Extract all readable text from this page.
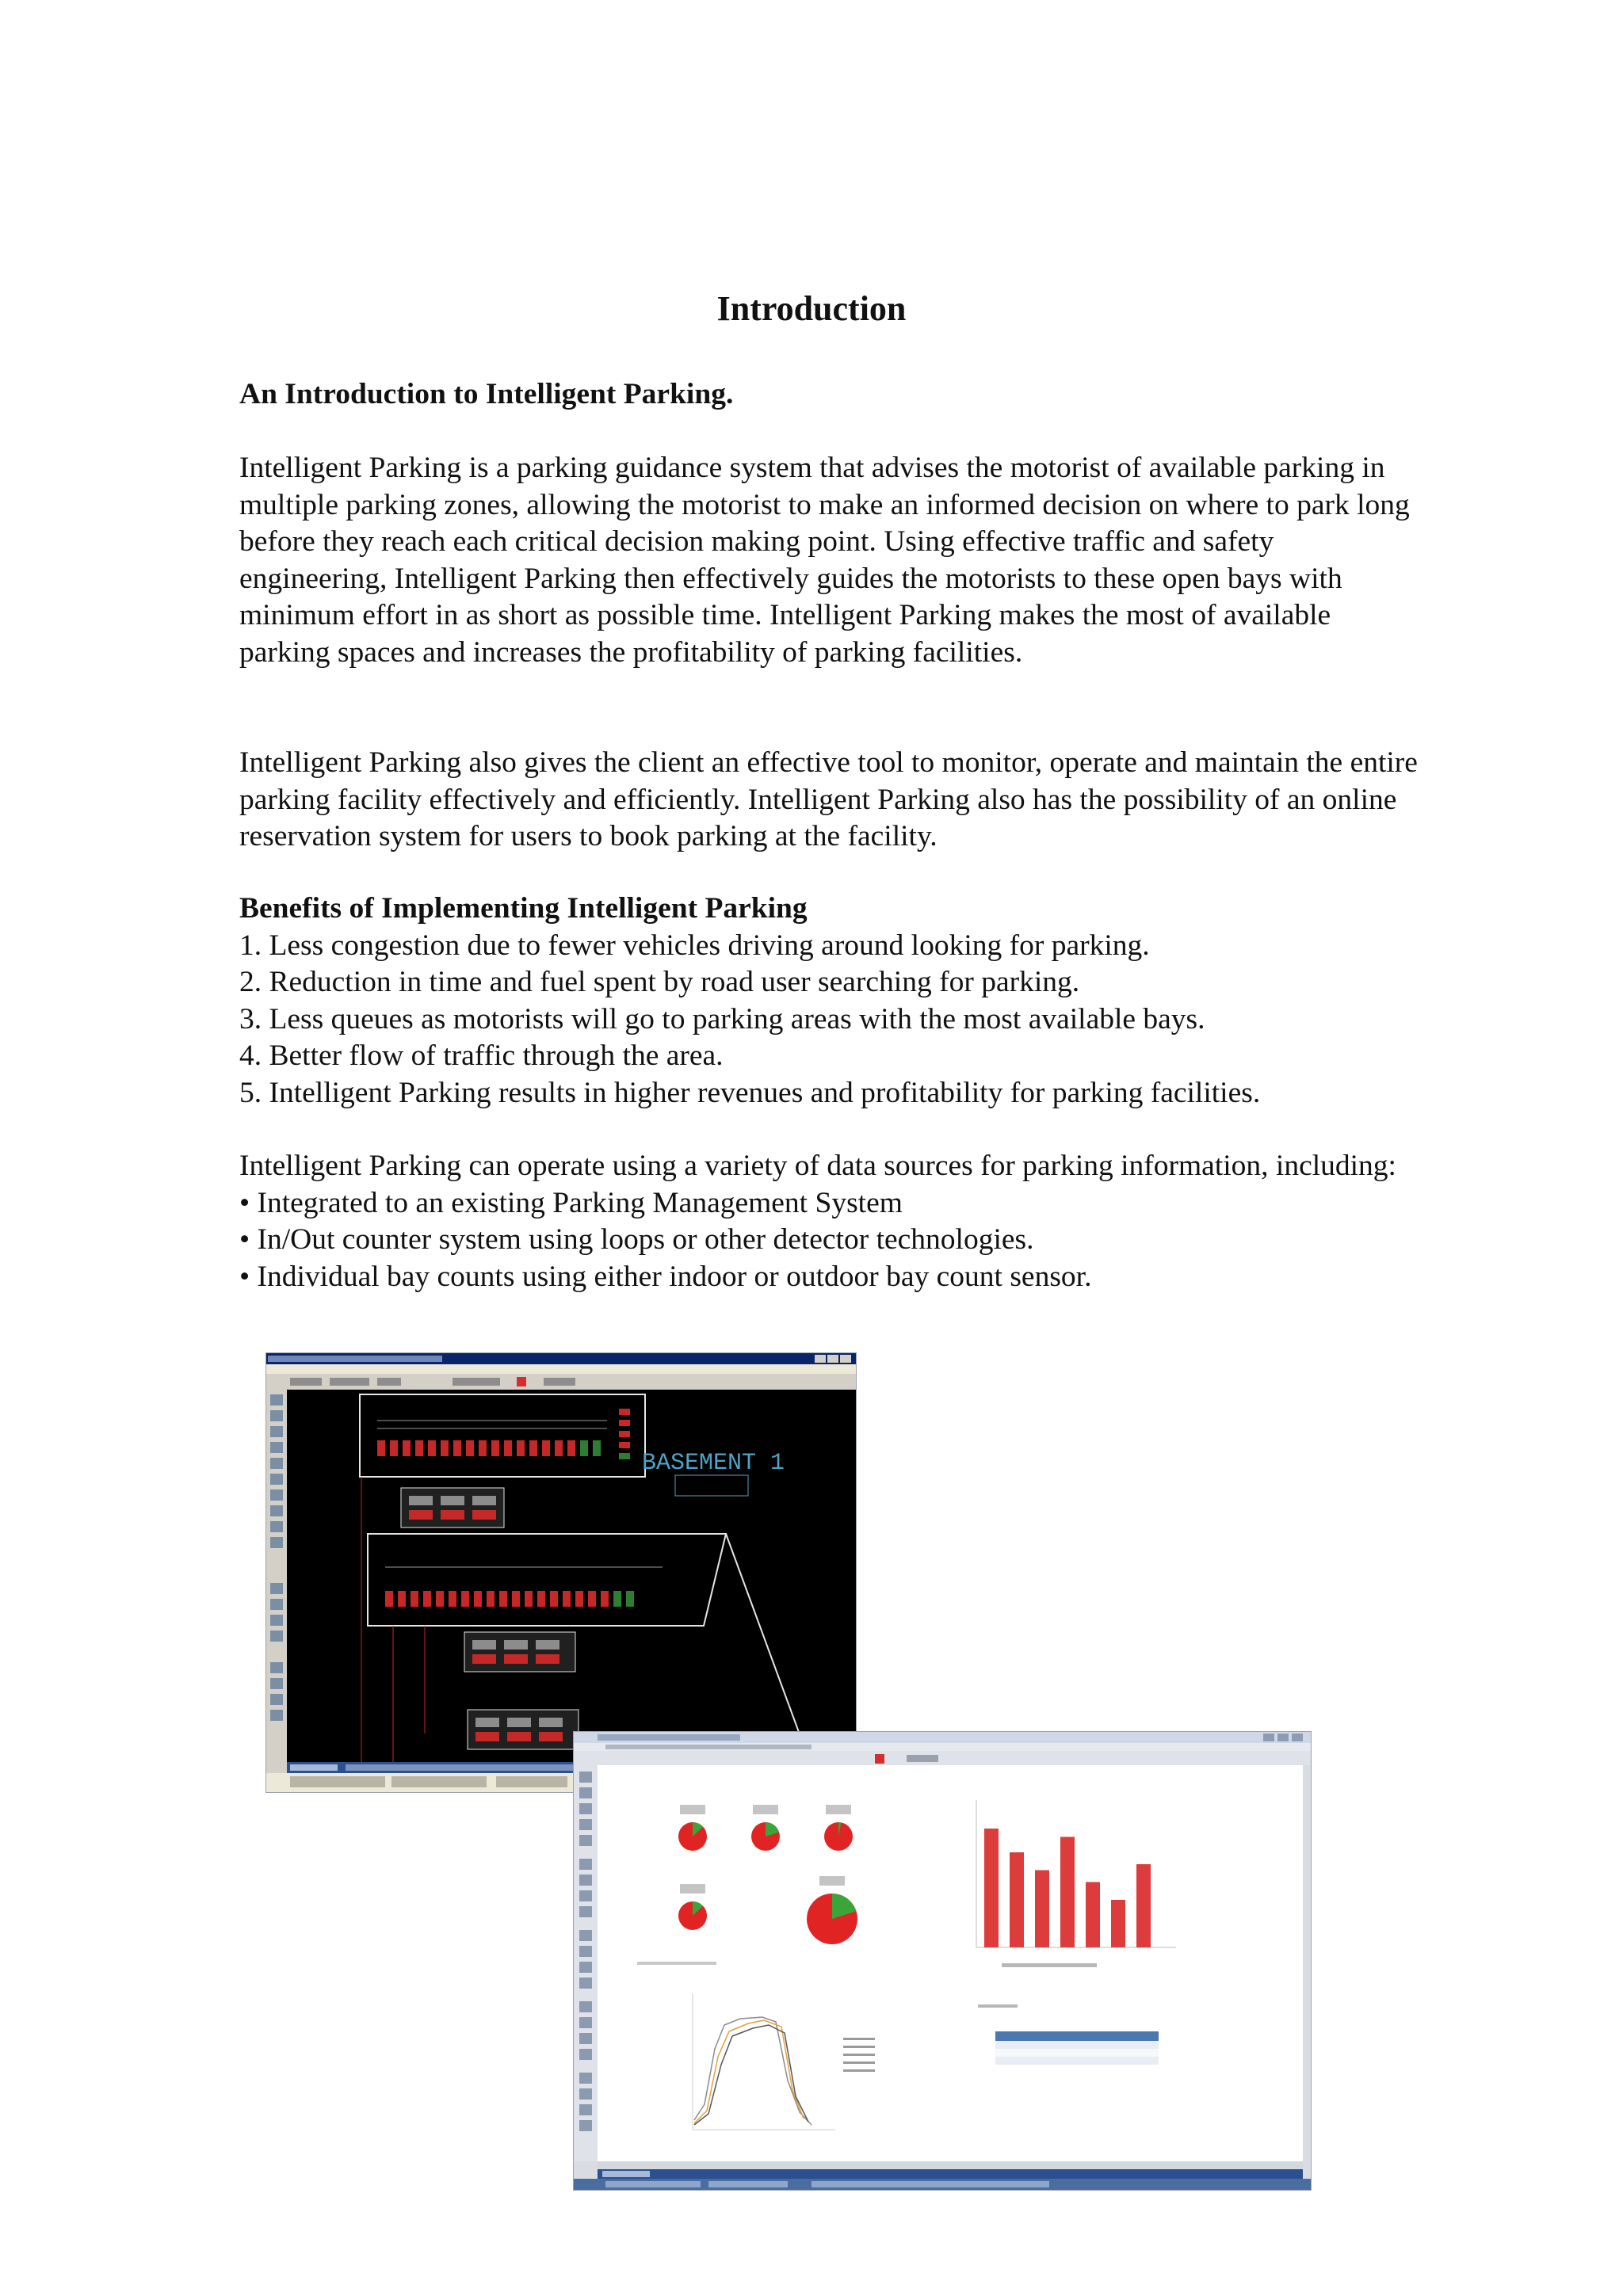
Introduction
An Introduction to Intelligent Parking.

Intelligent Parking is a parking guidance system that advises the motorist of available parking in multiple parking zones, allowing the motorist to make an informed decision on where to park long before they reach each critical decision making point. Using effective traffic and safety engineering, Intelligent Parking then effectively guides the motorists to these open bays with minimum effort in as short as possible time. Intelligent Parking makes the most of available parking spaces and increases the profitability of parking facilities.

Intelligent Parking also gives the client an effective tool to monitor, operate and maintain the entire parking facility effectively and efficiently. Intelligent Parking also has the possibility of an online reservation system for users to book parking at the facility.

Benefits of Implementing Intelligent Parking
1. Less congestion due to fewer vehicles driving around looking for parking.
2. Reduction in time and fuel spent by road user searching for parking.
3. Less queues as motorists will go to parking areas with the most available bays.
4. Better flow of traffic through the area.
5. Intelligent Parking results in higher revenues and profitability for parking facilities.

Intelligent Parking can operate using a variety of data sources for parking information, including:

• Integrated to an existing Parking Management System
• In/Out counter system using loops or other detector technologies.
• Individual bay counts using either indoor or outdoor bay count sensor.
BASEMENT 1
